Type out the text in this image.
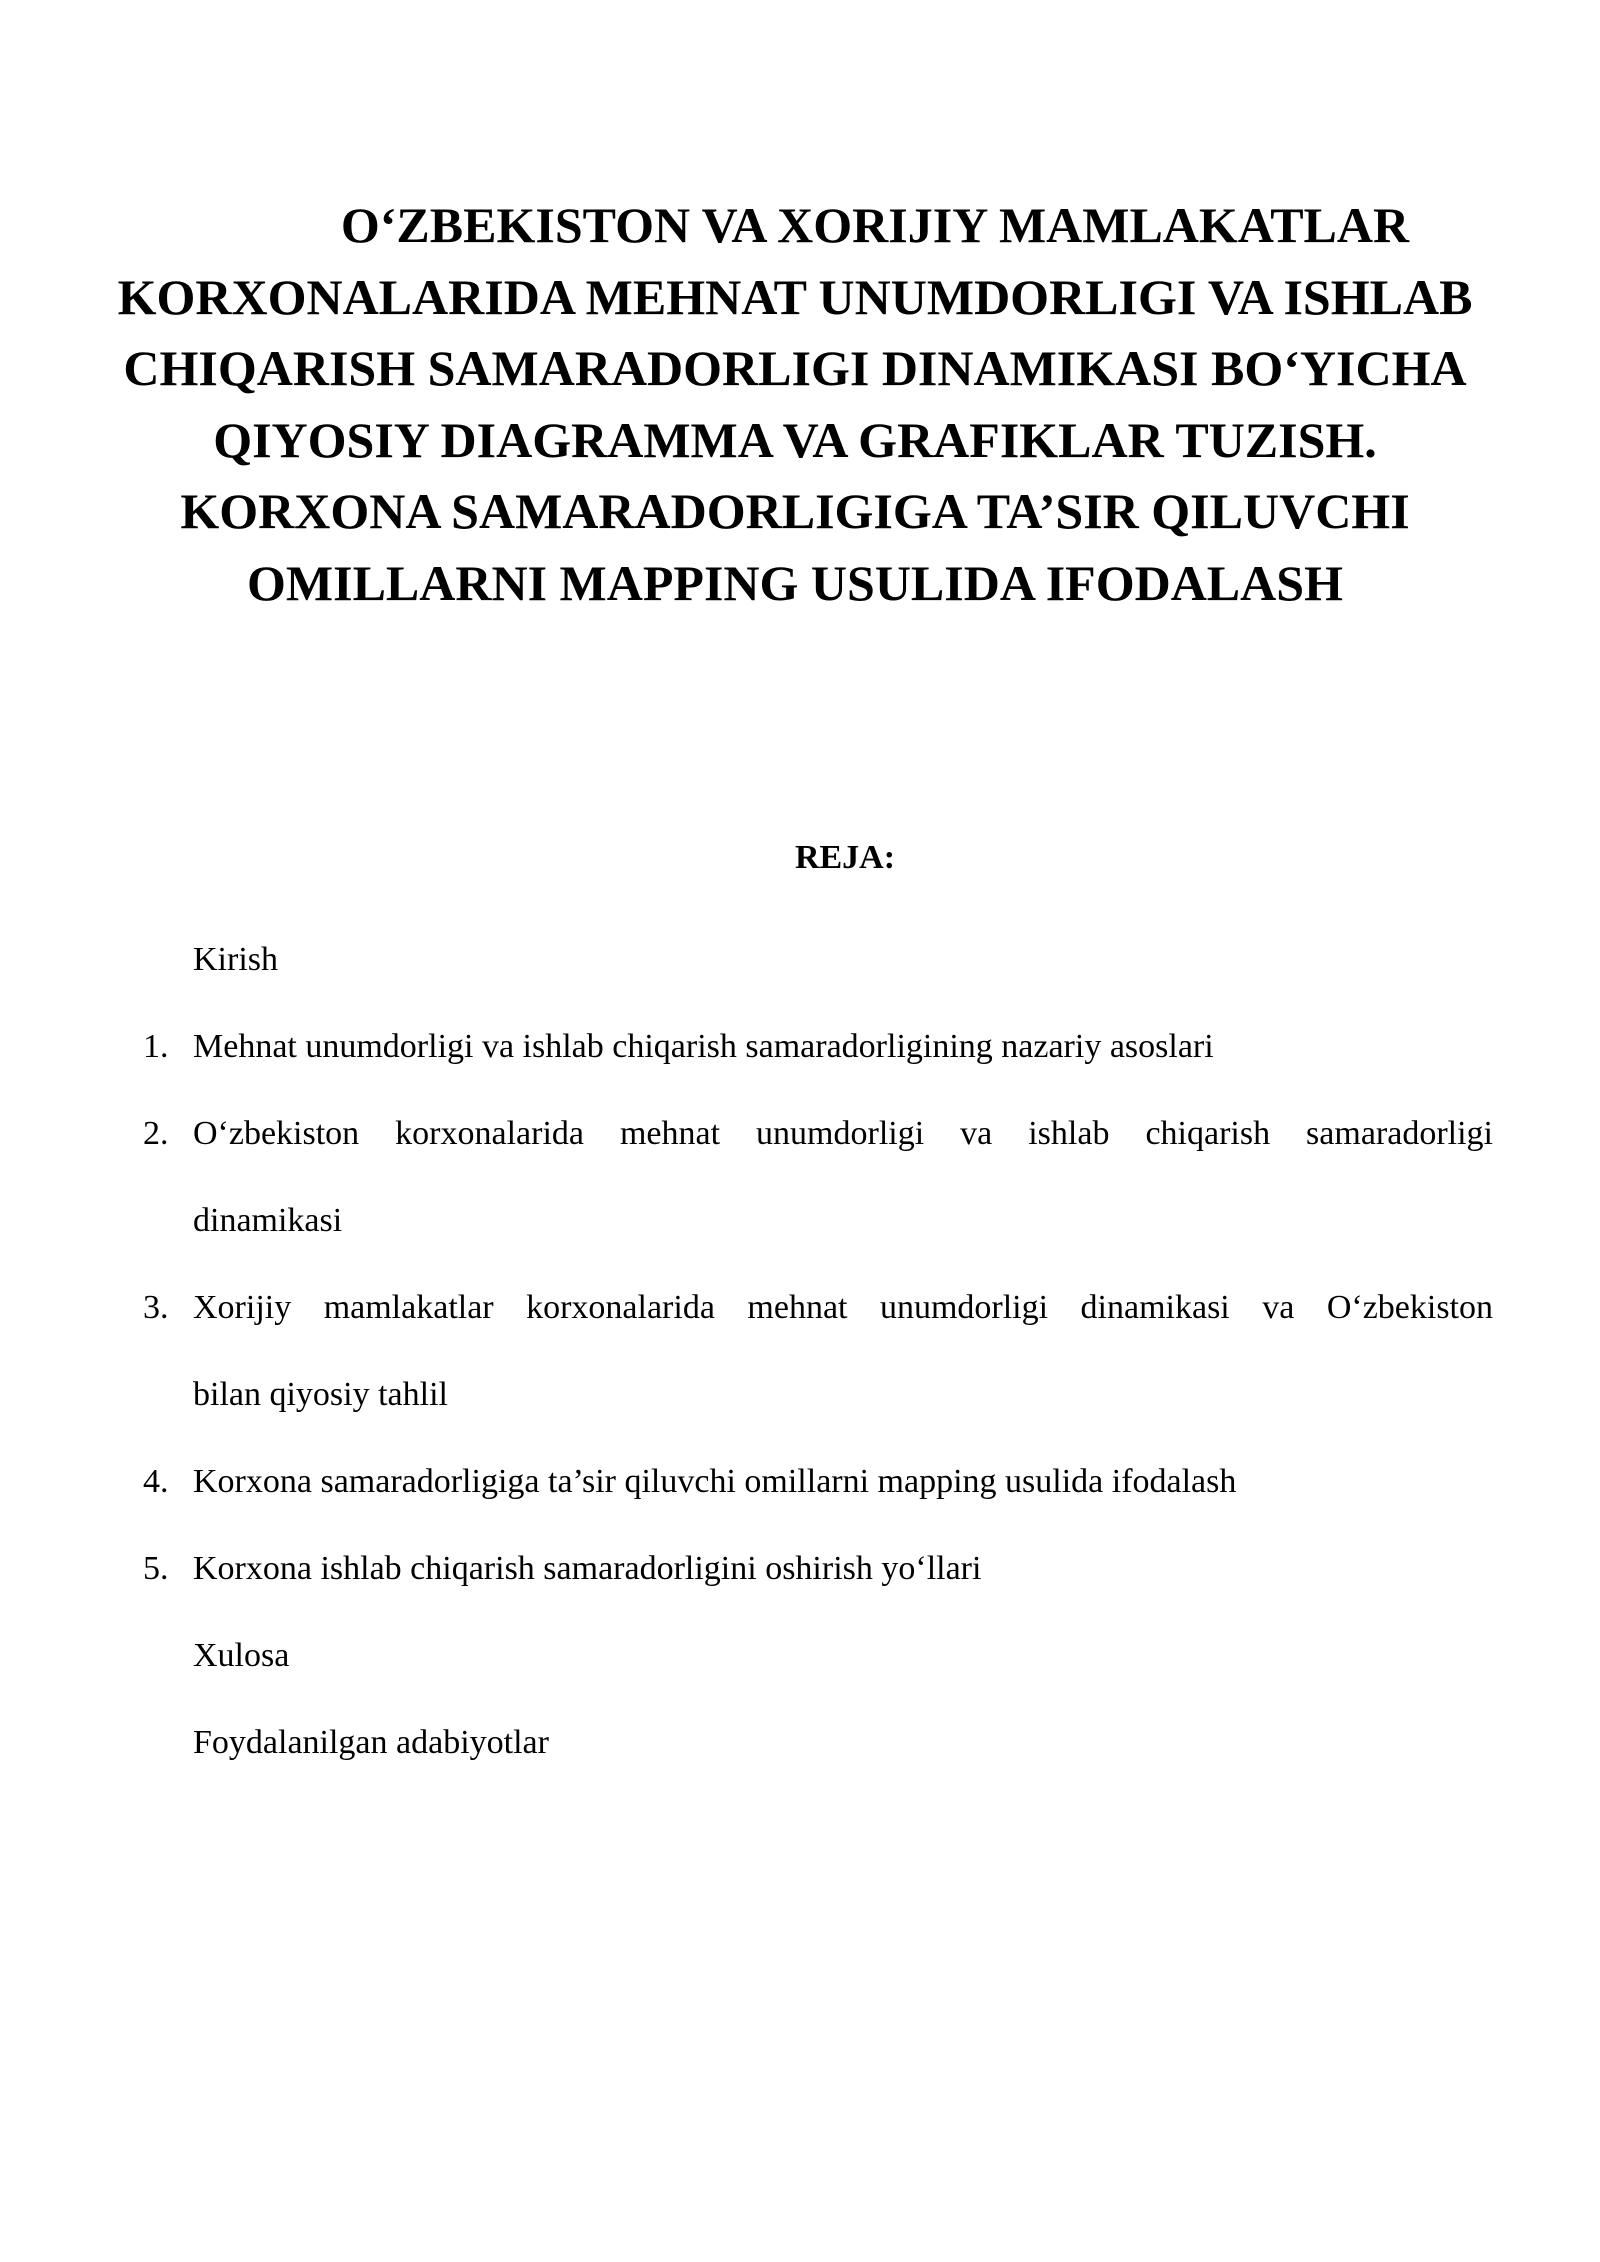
O‘ZBEKISTON VA XORIJIY MAMLAKATLAR KORXONALARIDA MEHNAT UNUMDORLIGI VA ISHLAB CHIQARISH SAMARADORLIGI DINAMIKASI BO‘YICHA QIYOSIY DIAGRAMMA VA GRAFIKLAR TUZISH. KORXONA SAMARADORLIGIGA TA’SIR QILUVCHI OMILLARNI MAPPING USULIDA IFODALASH
REJA:
Kirish
1. Mehnat unumdorligi va ishlab chiqarish samaradorligining nazariy asoslari
2. O‘zbekiston korxonalarida mehnat unumdorligi va ishlab chiqarish samaradorligi
dinamikasi
3. Xorijiy mamlakatlar korxonalarida mehnat unumdorligi dinamikasi va O‘zbekiston
bilan qiyosiy tahlil
4. Korxona samaradorligiga ta’sir qiluvchi omillarni mapping usulida ifodalash
5. Korxona ishlab chiqarish samaradorligini oshirish yo‘llari
Xulosa
Foydalanilgan adabiyotlar
